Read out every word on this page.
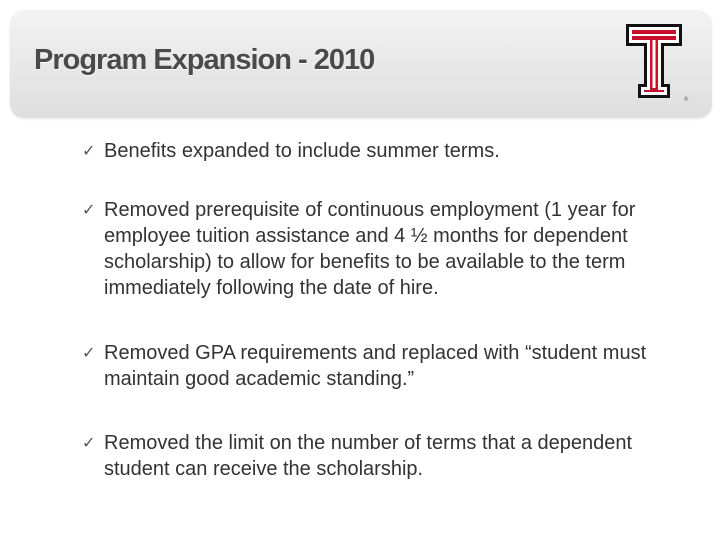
Program Expansion - 2010
®
✓ Benefits expanded to include summer terms.
✓ Removed prerequisite of continuous employment (1 year for employee tuition assistance and 4 ½ months for dependent scholarship) to allow for benefits to be available to the term immediately following the date of hire.
✓ Removed GPA requirements and replaced with “student must maintain good academic standing.”
✓ Removed the limit on the number of terms that a dependent student can receive the scholarship.
